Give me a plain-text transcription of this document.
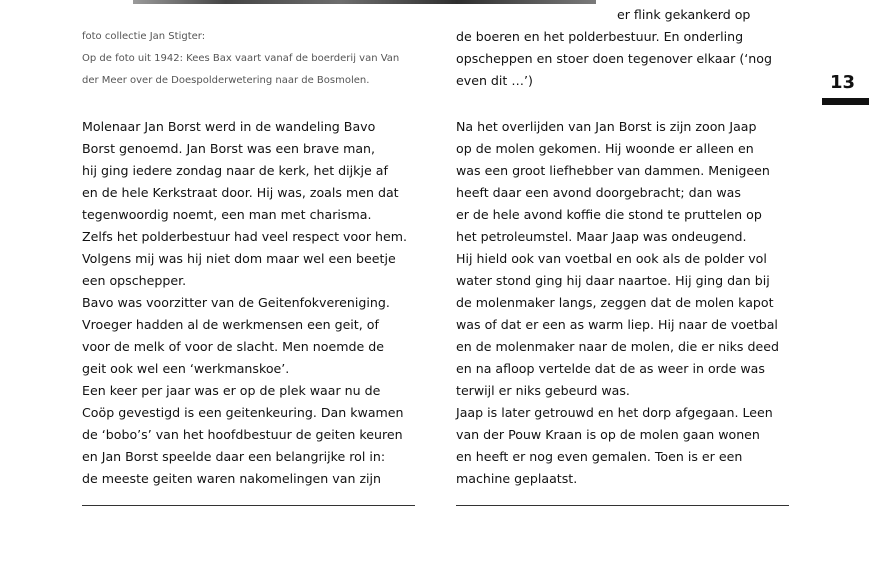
foto collectie Jan Stigter:
Op de foto uit 1942: Kees Bax vaart vanaf de boerderij van Van
der Meer over de Doespolderwetering naar de Bosmolen.
er flink gekankerd op
de boeren en het polderbestuur. En onderling
opscheppen en stoer doen tegenover elkaar (‘nog
even dit …’)	13
Molenaar Jan Borst werd in de wandeling Bavo
Borst genoemd. Jan Borst was een brave man,
hij ging iedere zondag naar de kerk, het dijkje af
en de hele Kerkstraat door. Hij was, zoals men dat
tegenwoordig noemt, een man met charisma.
Zelfs het polderbestuur had veel respect voor hem.
Volgens mij was hij niet dom maar wel een beetje
een opschepper.
Bavo was voorzitter van de Geitenfokvereniging.
Vroeger hadden al de werkmensen een geit, of
voor de melk of voor de slacht. Men noemde de
geit ook wel een ‘werkmanskoe’.
Een keer per jaar was er op de plek waar nu de
Coöp gevestigd is een geitenkeuring. Dan kwamen
de ‘bobo’s’ van het hoofdbestuur de geiten keuren
en Jan Borst speelde daar een belangrijke rol in:
de meeste geiten waren nakomelingen van zijn
Na het overlijden van Jan Borst is zijn zoon Jaap
op de molen gekomen. Hij woonde er alleen en
was een groot liefhebber van dammen. Menigeen
heeft daar een avond doorgebracht; dan was
er de hele avond koffie die stond te pruttelen op
het petroleumstel. Maar Jaap was ondeugend.
Hij hield ook van voetbal en ook als de polder vol
water stond ging hij daar naartoe. Hij ging dan bij
de molenmaker langs, zeggen dat de molen kapot
was of dat er een as warm liep. Hij naar de voetbal
en de molenmaker naar de molen, die er niks deed
en na afloop vertelde dat de as weer in orde was
terwijl er niks gebeurd was.
Jaap is later getrouwd en het dorp afgegaan. Leen
van der Pouw Kraan is op de molen gaan wonen
en heeft er nog even gemalen. Toen is er een
machine geplaatst.
